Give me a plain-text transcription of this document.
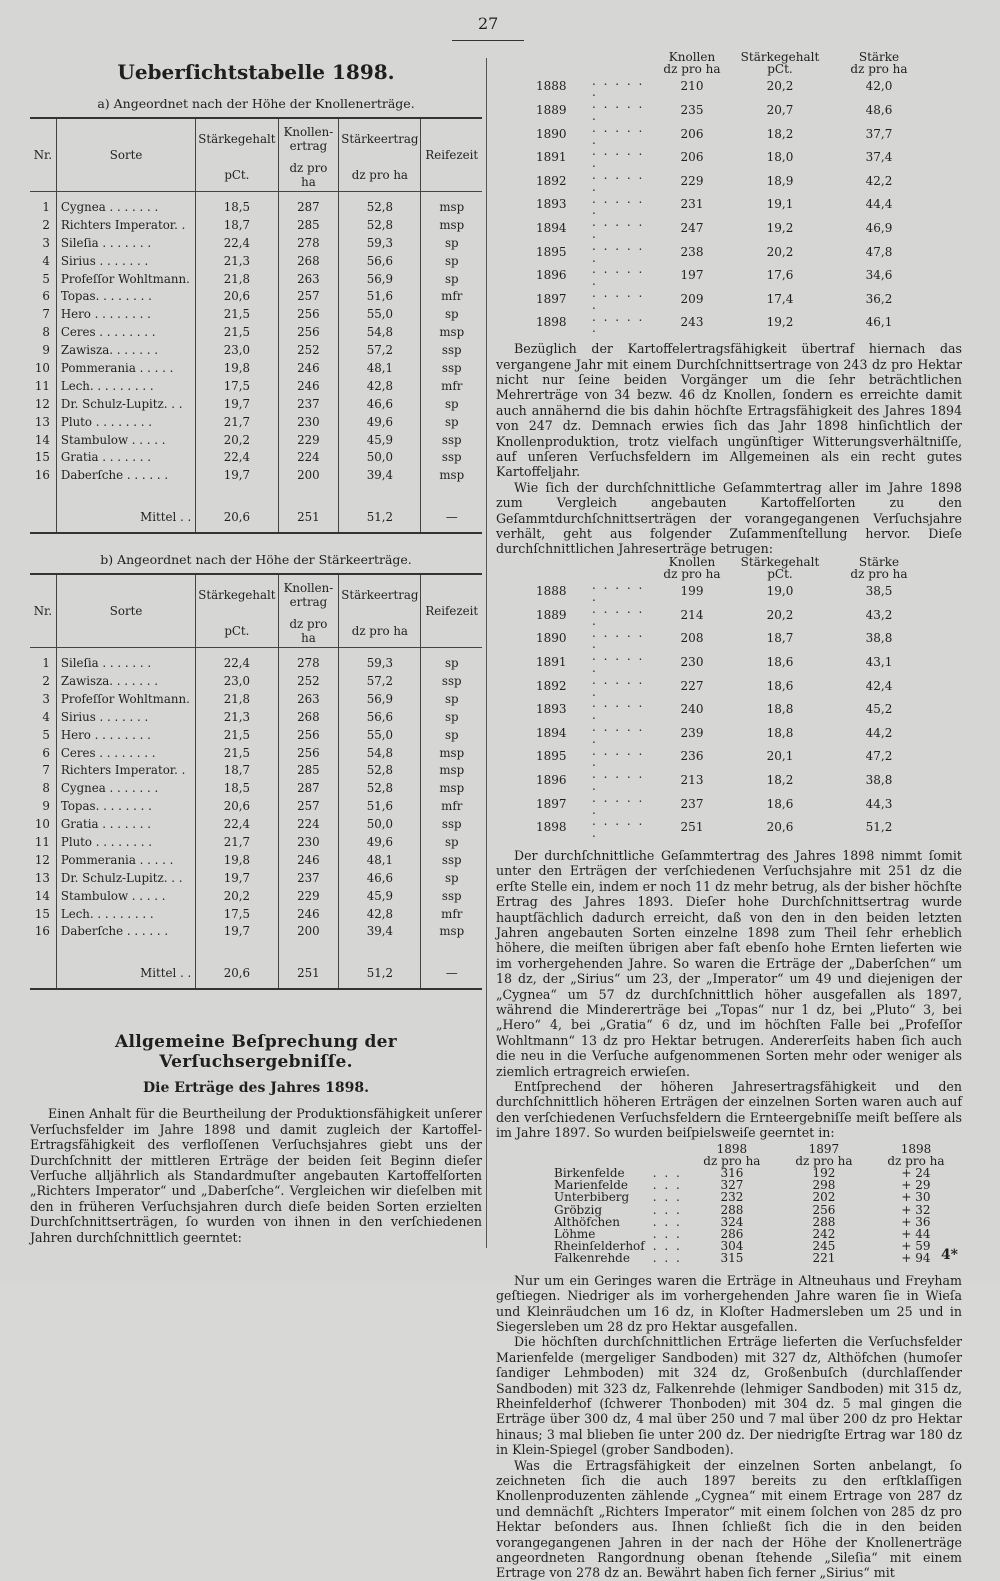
27
Ueberſichtstabelle 1898.
a) Angeordnet nach der Höhe der Knollenerträge.
Nr.	Sorte	Stärkegehalt	Knollen-ertrag	Stärkeertrag	Reifezeit
		pCt.	dz pro ha	dz pro ha	

1	Cygnea . . . . . . .	18,5	287	52,8	msp
2	Richters Imperator. .	18,7	285	52,8	msp
3	Sileſia . . . . . . .	22,4	278	59,3	sp
4	Sirius . . . . . . .	21,3	268	56,6	sp
5	Profeſſor Wohltmann.	21,8	263	56,9	sp
6	Topas. . . . . . . .	20,6	257	51,6	mfr
7	Hero . . . . . . . .	21,5	256	55,0	sp
8	Ceres . . . . . . . .	21,5	256	54,8	msp
9	Zawisza. . . . . . .	23,0	252	57,2	ssp
10	Pommerania . . . . .	19,8	246	48,1	ssp
11	Lech. . . . . . . . .	17,5	246	42,8	mfr
12	Dr. Schulz-Lupitz. . .	19,7	237	46,6	sp
13	Pluto . . . . . . . .	21,7	230	49,6	sp
14	Stambulow . . . . .	20,2	229	45,9	ssp
15	Gratia . . . . . . .	22,4	224	50,0	ssp
16	Daberſche . . . . . .	19,7	200	39,4	msp

	Mittel . .	20,6	251	51,2	—
b) Angeordnet nach der Höhe der Stärkeerträge.
Nr.	Sorte	Stärkegehalt	Knollen-ertrag	Stärkeertrag	Reifezeit
		pCt.	dz pro ha	dz pro ha	

1	Sileſia . . . . . . .	22,4	278	59,3	sp
2	Zawisza. . . . . . .	23,0	252	57,2	ssp
3	Profeſſor Wohltmann.	21,8	263	56,9	sp
4	Sirius . . . . . . .	21,3	268	56,6	sp
5	Hero . . . . . . . .	21,5	256	55,0	sp
6	Ceres . . . . . . . .	21,5	256	54,8	msp
7	Richters Imperator. .	18,7	285	52,8	msp
8	Cygnea . . . . . . .	18,5	287	52,8	msp
9	Topas. . . . . . . .	20,6	257	51,6	mfr
10	Gratia . . . . . . .	22,4	224	50,0	ssp
11	Pluto . . . . . . . .	21,7	230	49,6	sp
12	Pommerania . . . . .	19,8	246	48,1	ssp
13	Dr. Schulz-Lupitz. . .	19,7	237	46,6	sp
14	Stambulow . . . . .	20,2	229	45,9	ssp
15	Lech. . . . . . . . .	17,5	246	42,8	mfr
16	Daberſche . . . . . .	19,7	200	39,4	msp

	Mittel . .	20,6	251	51,2	—
Allgemeine Beſprechung der Verſuchsergebniſſe.
Die Erträge des Jahres 1898.

Einen Anhalt für die Beurtheilung der Produktionsfähigkeit unſerer Verſuchsfelder im Jahre 1898 und damit zugleich der Kartoffel-Ertragsfähigkeit des verfloſſenen Verſuchsjahres giebt uns der Durchſchnitt der mittleren Erträge der beiden ſeit Beginn dieſer Verſuche alljährlich als Standardmuſter angebauten Kartoffelſorten „Richters Imperator“ und „Daberſche“. Vergleichen wir dieſelben mit den in früheren Verſuchsjahren durch dieſe beiden Sorten erzielten Durchſchnittserträgen, ſo wurden von ihnen in den verſchiedenen Jahren durchſchnittlich geerntet:

		Knollen	Stärkegehalt	Stärke
		dz pro ha	pCt.	dz pro ha
1888	. . . . . .	210	20,2	42,0
1889	. . . . . .	235	20,7	48,6
1890	. . . . . .	206	18,2	37,7
1891	. . . . . .	206	18,0	37,4
1892	. . . . . .	229	18,9	42,2
1893	. . . . . .	231	19,1	44,4
1894	. . . . . .	247	19,2	46,9
1895	. . . . . .	238	20,2	47,8
1896	. . . . . .	197	17,6	34,6
1897	. . . . . .	209	17,4	36,2
1898	. . . . . .	243	19,2	46,1

Bezüglich der Kartoffelertragsfähigkeit übertraf hiernach das vergangene Jahr mit einem Durchſchnittsertrage von 243 dz pro Hektar nicht nur ſeine beiden Vorgänger um die ſehr beträchtlichen Mehrerträge von 34 bezw. 46 dz Knollen, ſondern es erreichte damit auch annähernd die bis dahin höchſte Ertragsfähigkeit des Jahres 1894 von 247 dz. Demnach erwies ſich das Jahr 1898 hinſichtlich der Knollenproduktion, trotz vielfach ungünſtiger Witterungsverhältniſſe, auf unſeren Verſuchsfeldern im Allgemeinen als ein recht gutes Kartoffeljahr.

Wie ſich der durchſchnittliche Geſammtertrag aller im Jahre 1898 zum Vergleich angebauten Kartoffelſorten zu den Geſammtdurchſchnittserträgen der vorangegangenen Verſuchsjahre verhält, geht aus folgender Zuſammenſtellung hervor. Dieſe durchſchnittlichen Jahreserträge betrugen:

		Knollen	Stärkegehalt	Stärke
		dz pro ha	pCt.	dz pro ha
1888	. . . . . .	199	19,0	38,5
1889	. . . . . .	214	20,2	43,2
1890	. . . . . .	208	18,7	38,8
1891	. . . . . .	230	18,6	43,1
1892	. . . . . .	227	18,6	42,4
1893	. . . . . .	240	18,8	45,2
1894	. . . . . .	239	18,8	44,2
1895	. . . . . .	236	20,1	47,2
1896	. . . . . .	213	18,2	38,8
1897	. . . . . .	237	18,6	44,3
1898	. . . . . .	251	20,6	51,2

Der durchſchnittliche Geſammtertrag des Jahres 1898 nimmt ſomit unter den Erträgen der verſchiedenen Verſuchsjahre mit 251 dz die erſte Stelle ein, indem er noch 11 dz mehr betrug, als der bisher höchſte Ertrag des Jahres 1893. Dieſer hohe Durchſchnittsertrag wurde hauptſächlich dadurch erreicht, daß von den in den beiden letzten Jahren angebauten Sorten einzelne 1898 zum Theil ſehr erheblich höhere, die meiſten übrigen aber faſt ebenſo hohe Ernten lieferten wie im vorhergehenden Jahre. So waren die Erträge der „Daberſchen“ um 18 dz, der „Sirius“ um 23, der „Imperator“ um 49 und diejenigen der „Cygnea“ um 57 dz durchſchnittlich höher ausgefallen als 1897, während die Mindererträge bei „Topas“ nur 1 dz, bei „Pluto“ 3, bei „Hero“ 4, bei „Gratia“ 6 dz, und im höchſten Falle bei „Profeſſor Wohltmann“ 13 dz pro Hektar betrugen. Andererſeits haben ſich auch die neu in die Verſuche aufgenommenen Sorten mehr oder weniger als ziemlich ertragreich erwieſen.

Entſprechend der höheren Jahresertragsfähigkeit und den durchſchnittlich höheren Erträgen der einzelnen Sorten waren auch auf den verſchiedenen Verſuchsfeldern die Ernteergebniſſe meiſt beſſere als im Jahre 1897. So wurden beiſpielsweiſe geerntet in:

		1898	1897	1898
		dz pro ha	dz pro ha	dz pro ha
Birkenfelde	. . .	316	192	+ 24
Marienfelde	. . .	327	298	+ 29
Unterbiberg	. . .	232	202	+ 30
Gröbzig	. . .	288	256	+ 32
Althöfchen	. . .	324	288	+ 36
Löhme	. . .	286	242	+ 44
Rheinſelderhof	. . .	304	245	+ 59
Falkenrehde	. . .	315	221	+ 94

Nur um ein Geringes waren die Erträge in Altneuhaus und Freyham geſtiegen. Niedriger als im vorhergehenden Jahre waren ſie in Wieſa und Kleinräudchen um 16 dz, in Kloſter Hadmersleben um 25 und in Siegersleben um 28 dz pro Hektar ausgefallen.

Die höchſten durchſchnittlichen Erträge lieferten die Verſuchsfelder Marienfelde (mergeliger Sandboden) mit 327 dz, Althöfchen (humoſer ſandiger Lehmboden) mit 324 dz, Großenbuſch (durchlaſſender Sandboden) mit 323 dz, Falkenrehde (lehmiger Sandboden) mit 315 dz, Rheinfelderhof (ſchwerer Thonboden) mit 304 dz. 5 mal gingen die Erträge über 300 dz, 4 mal über 250 und 7 mal über 200 dz pro Hektar hinaus; 3 mal blieben ſie unter 200 dz. Der niedrigſte Ertrag war 180 dz in Klein-Spiegel (grober Sandboden).

Was die Ertragsfähigkeit der einzelnen Sorten anbelangt, ſo zeichneten ſich die auch 1897 bereits zu den erſtklaſſigen Knollenproduzenten zählende „Cygnea“ mit einem Ertrage von 287 dz und demnächſt „Richters Imperator“ mit einem ſolchen von 285 dz pro Hektar beſonders aus. Ihnen ſchließt ſich die in den beiden vorangegangenen Jahren in der nach der Höhe der Knollenerträge angeordneten Rangordnung obenan ſtehende „Sileſia“ mit einem Ertrage von 278 dz an. Bewährt haben ſich ferner „Sirius“ mit

4*
